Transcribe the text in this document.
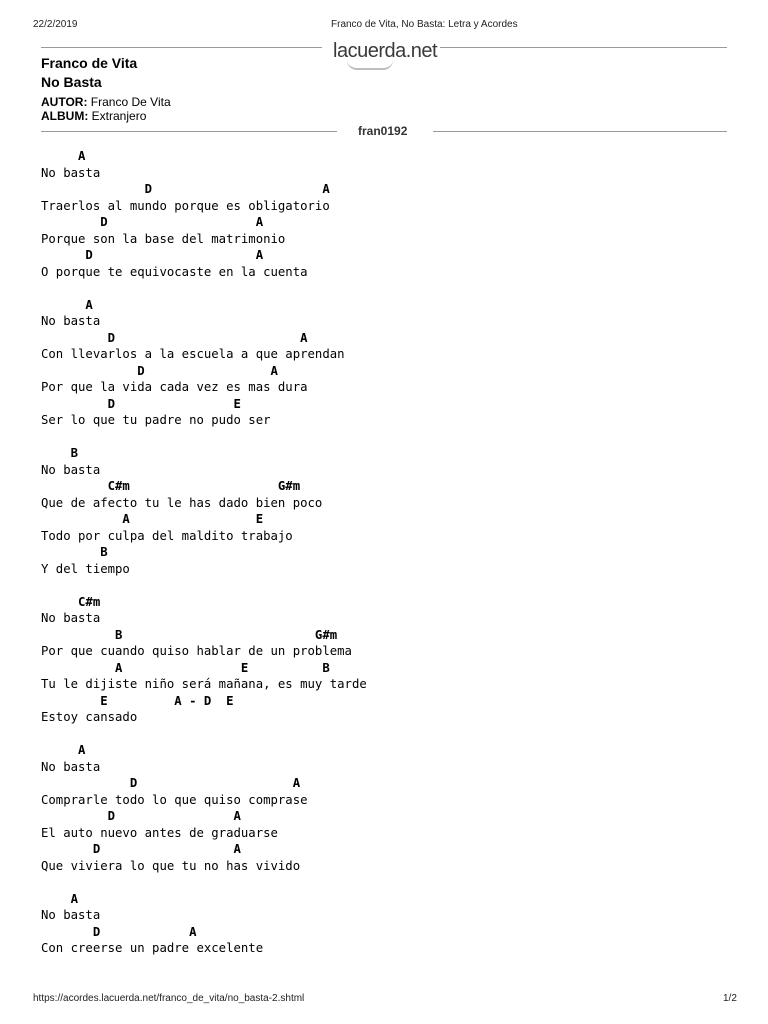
22/2/2019	Franco de Vita, No Basta: Letra y Acordes
lacuerda.net
Franco de Vita
No Basta
AUTOR: Franco De Vita
ALBUM: Extranjero
fran0192
A
No basta
D                       A
Traerlos al mundo porque es obligatorio
D                    A
Porque son la base del matrimonio
D                      A
O porque te equivocaste en la cuenta
A
No basta
D                         A
Con llevarlos a la escuela a que aprendan
D                 A
Por que la vida cada vez es mas dura
D                E
Ser lo que tu padre no pudo ser
B
No basta
C#m                    G#m
Que de afecto tu le has dado bien poco
A                 E
Todo por culpa del maldito trabajo
B
Y del tiempo
C#m
No basta
B                          G#m
Por que cuando quiso hablar de un problema
A                E          B
Tu le dijiste niño será mañana, es muy tarde
E         A - D  E
Estoy cansado
A
No basta
D                     A
Comprarle todo lo que quiso comprase
D                A
El auto nuevo antes de graduarse
D                  A
Que viviera lo que tu no has vivido
A
No basta
D            A
Con creerse un padre excelente
https://acordes.lacuerda.net/franco_de_vita/no_basta-2.shtml	1/2
